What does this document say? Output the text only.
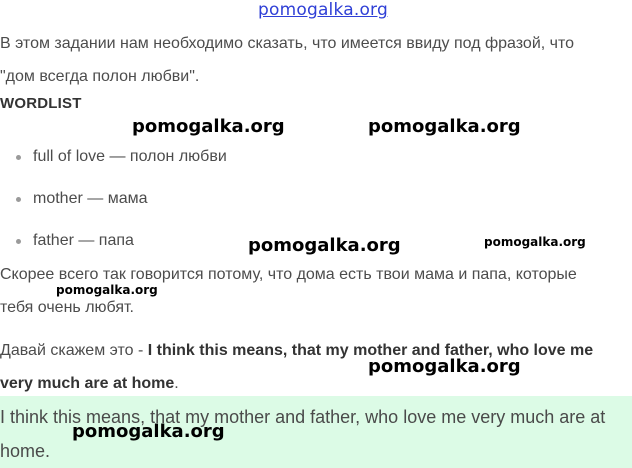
pomogalka.org

В этом задании нам необходимо сказать, что имеется ввиду под фразой, что
"дом всегда полон любви".

WORDLIST
full of love — полон любви
mother — мама
father — папа

Скорее всего так говорится потому, что дома есть твои мама и папа, которые
тебя очень любят.

Давай скажем это - I think this means, that my mother and father, who love me
very much are at home.

I think this means, that my mother and father, who love me very much are at home.

pomogalka.org	pomogalka.org
pomogalka.org	pomogalka.org
pomogalka.org
pomogalka.org
pomogalka.org
